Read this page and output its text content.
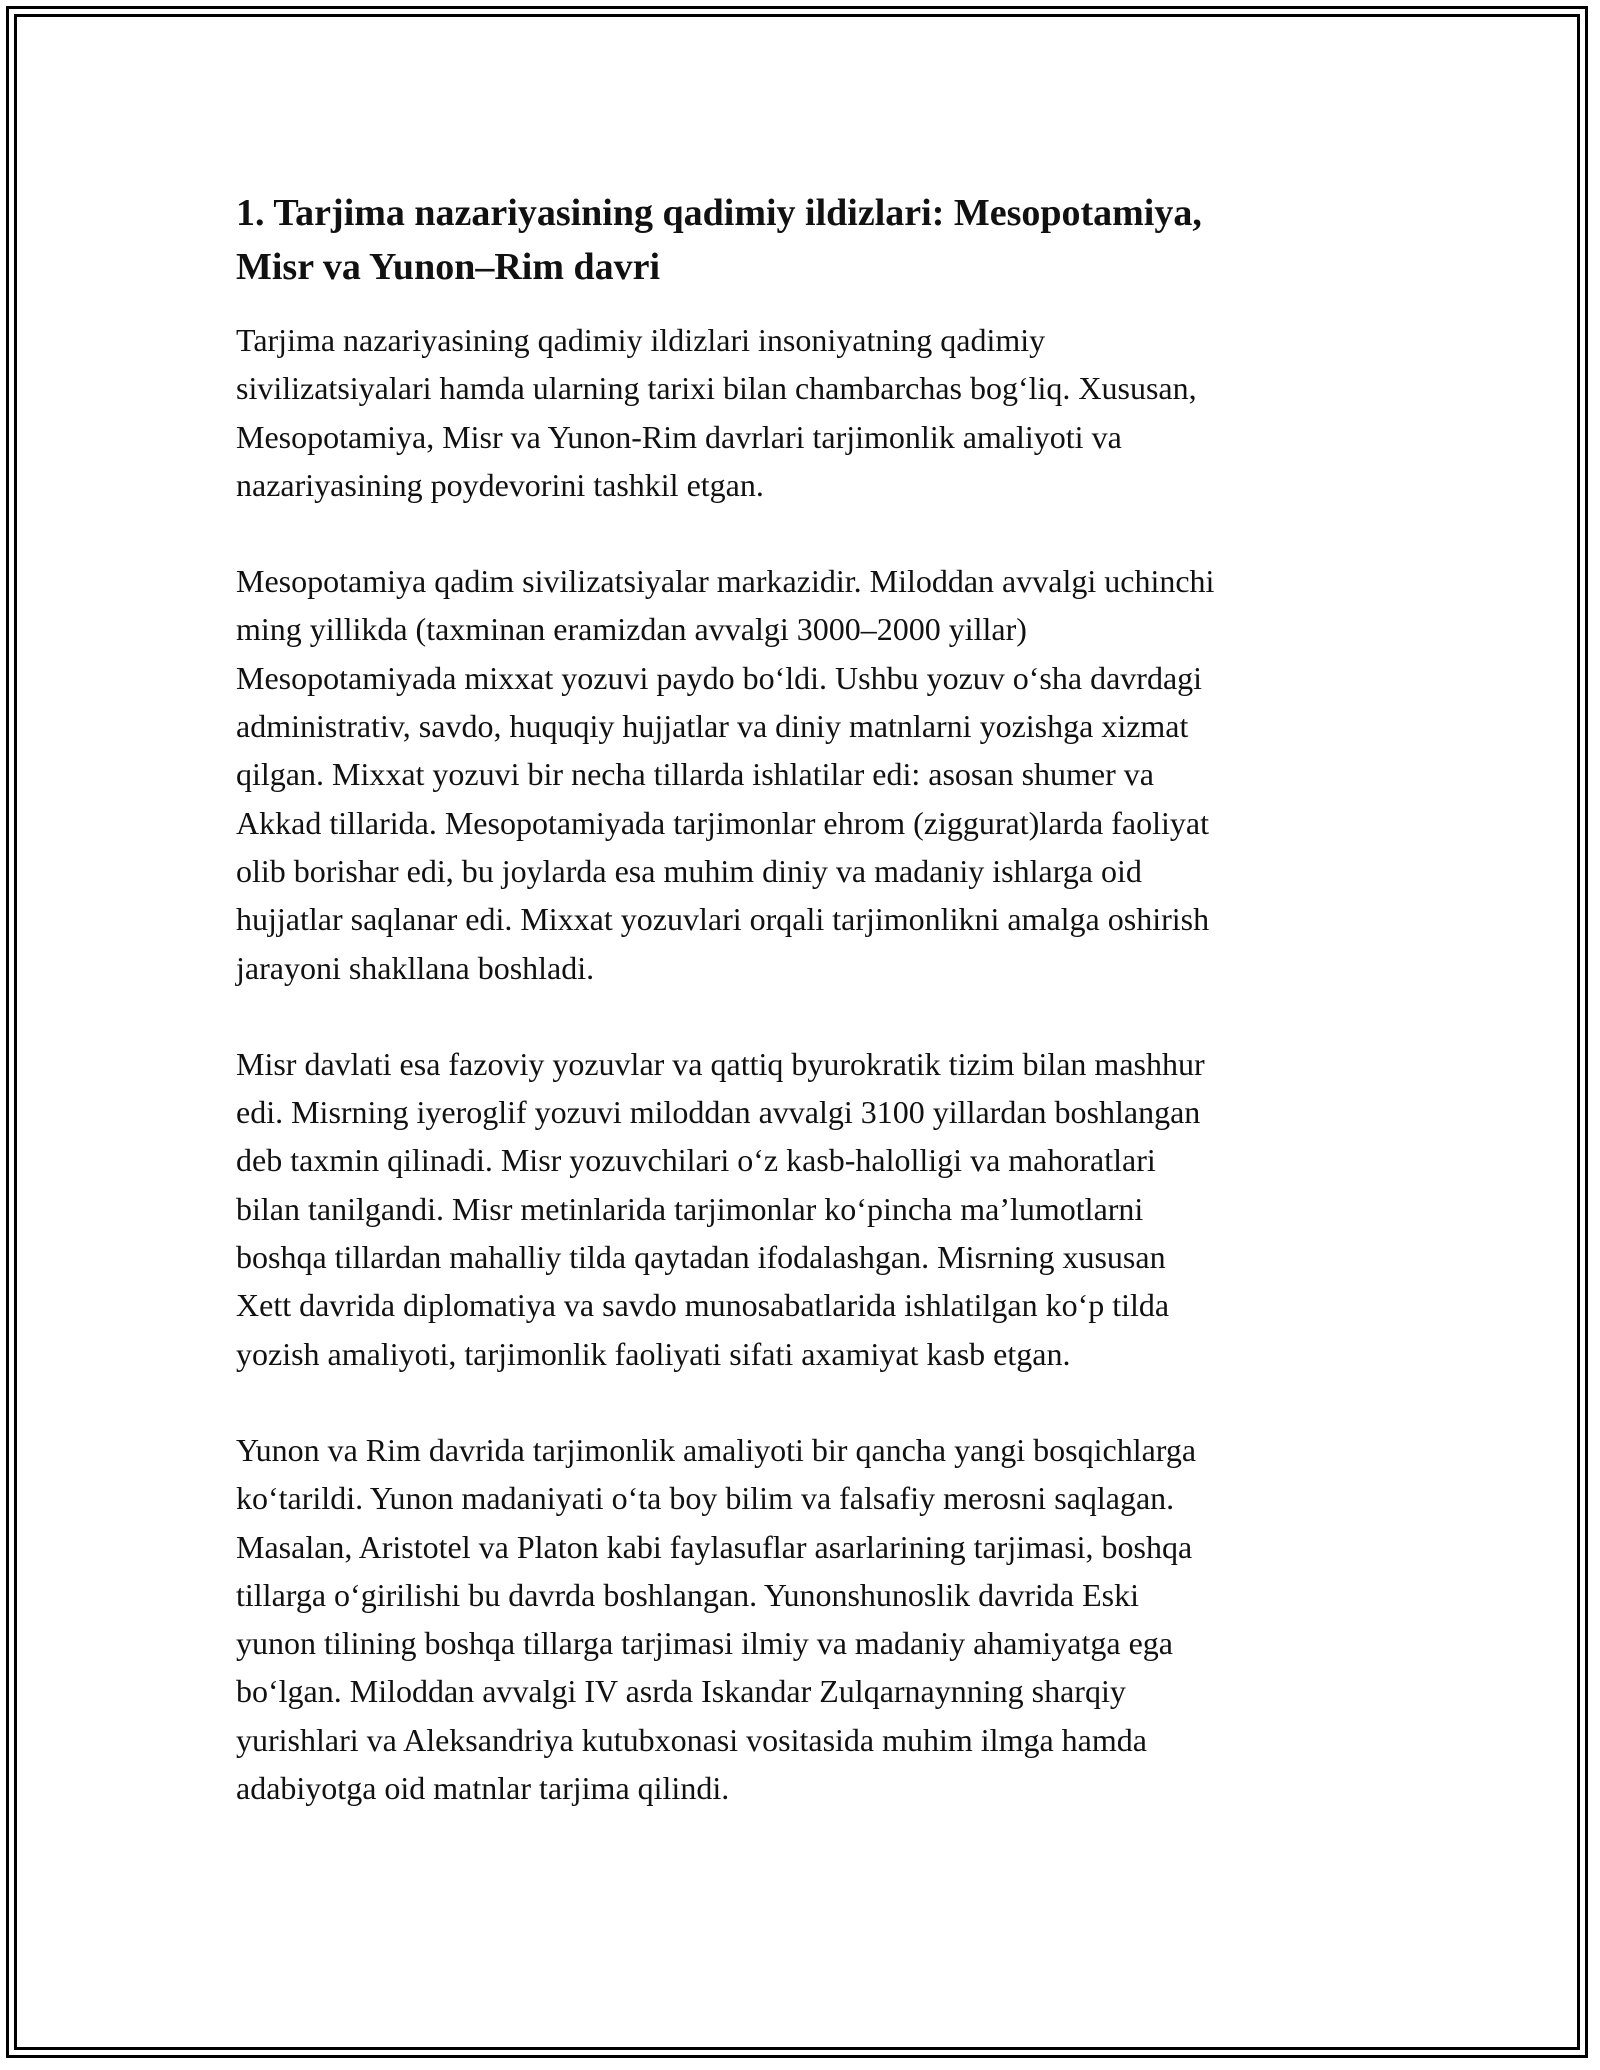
1. Tarjima nazariyasining qadimiy ildizlari: Mesopotamiya,
Misr va Yunon–Rim davri

Tarjima nazariyasining qadimiy ildizlari insoniyatning qadimiy
sivilizatsiyalari hamda ularning tarixi bilan chambarchas bogʻliq. Xususan,
Mesopotamiya, Misr va Yunon-Rim davrlari tarjimonlik amaliyoti va
nazariyasining poydevorini tashkil etgan.

Mesopotamiya qadim sivilizatsiyalar markazidir. Miloddan avvalgi uchinchi
ming yillikda (taxminan eramizdan avvalgi 3000–2000 yillar)
Mesopotamiyada mixxat yozuvi paydo boʻldi. Ushbu yozuv oʻsha davrdagi
administrativ, savdo, huquqiy hujjatlar va diniy matnlarni yozishga xizmat
qilgan. Mixxat yozuvi bir necha tillarda ishlatilar edi: asosan shumer va
Akkad tillarida. Mesopotamiyada tarjimonlar ehrom (ziggurat)larda faoliyat
olib borishar edi, bu joylarda esa muhim diniy va madaniy ishlarga oid
hujjatlar saqlanar edi. Mixxat yozuvlari orqali tarjimonlikni amalga oshirish
jarayoni shakllana boshladi.

Misr davlati esa fazoviy yozuvlar va qattiq byurokratik tizim bilan mashhur
edi. Misrning iyeroglif yozuvi miloddan avvalgi 3100 yillardan boshlangan
deb taxmin qilinadi. Misr yozuvchilari oʻz kasb-halolligi va mahoratlari
bilan tanilgandi. Misr metinlarida tarjimonlar koʻpincha maʼlumotlarni
boshqa tillardan mahalliy tilda qaytadan ifodalashgan. Misrning xususan
Xett davrida diplomatiya va savdo munosabatlarida ishlatilgan koʻp tilda
yozish amaliyoti, tarjimonlik faoliyati sifati axamiyat kasb etgan.

Yunon va Rim davrida tarjimonlik amaliyoti bir qancha yangi bosqichlarga
koʻtarildi. Yunon madaniyati oʻta boy bilim va falsafiy merosni saqlagan.
Masalan, Aristotel va Platon kabi faylasuflar asarlarining tarjimasi, boshqa
tillarga oʻgirilishi bu davrda boshlangan. Yunonshunoslik davrida Eski
yunon tilining boshqa tillarga tarjimasi ilmiy va madaniy ahamiyatga ega
boʻlgan. Miloddan avvalgi IV asrda Iskandar Zulqarnaynning sharqiy
yurishlari va Aleksandriya kutubxonasi vositasida muhim ilmga hamda
adabiyotga oid matnlar tarjima qilindi.
